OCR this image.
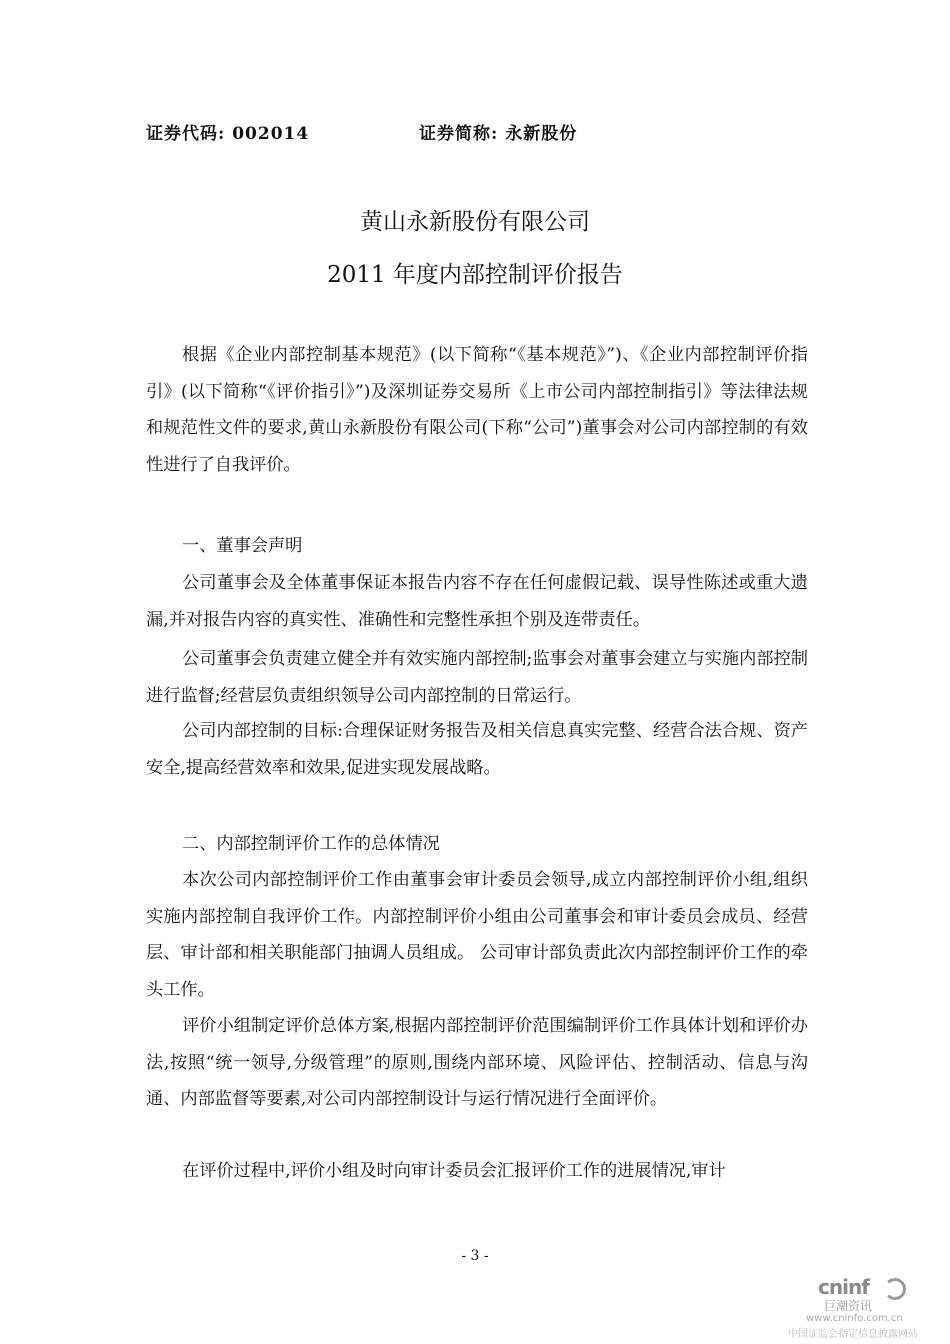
证券代码: 002014	证券简称: 永新股份
黄山永新股份有限公司
2011 年度内部控制评价报告

根据《企业内部控制基本规范》(以下简称“《基本规范》”)、《企业内部控制评价指引》(以下简称“《评价指引》”)及深圳证券交易所《上市公司内部控制指引》等法律法规和规范性文件的要求,黄山永新股份有限公司(下称“公司”)董事会对公司内部控制的有效性进行了自我评价。

一、董事会声明

公司董事会及全体董事保证本报告内容不存在任何虚假记载、误导性陈述或重大遗漏,并对报告内容的真实性、准确性和完整性承担个别及连带责任。

公司董事会负责建立健全并有效实施内部控制;监事会对董事会建立与实施内部控制进行监督;经营层负责组织领导公司内部控制的日常运行。

公司内部控制的目标:合理保证财务报告及相关信息真实完整、经营合法合规、资产安全,提高经营效率和效果,促进实现发展战略。

二、内部控制评价工作的总体情况

本次公司内部控制评价工作由董事会审计委员会领导,成立内部控制评价小组,组织实施内部控制自我评价工作。内部控制评价小组由公司董事会和审计委员会成员、经营层、审计部和相关职能部门抽调人员组成。 公司审计部负责此次内部控制评价工作的牵头工作。

评价小组制定评价总体方案,根据内部控制评价范围编制评价工作具体计划和评价办法,按照“统一领导,分级管理”的原则,围绕内部环境、风险评估、控制活动、信息与沟通、内部监督等要素,对公司内部控制设计与运行情况进行全面评价。

在评价过程中,评价小组及时向审计委员会汇报评价工作的进展情况,审计

- 3 -
cninf
巨潮资讯
www.cninfo.com.cn
中国证监会指定信息披露网站
